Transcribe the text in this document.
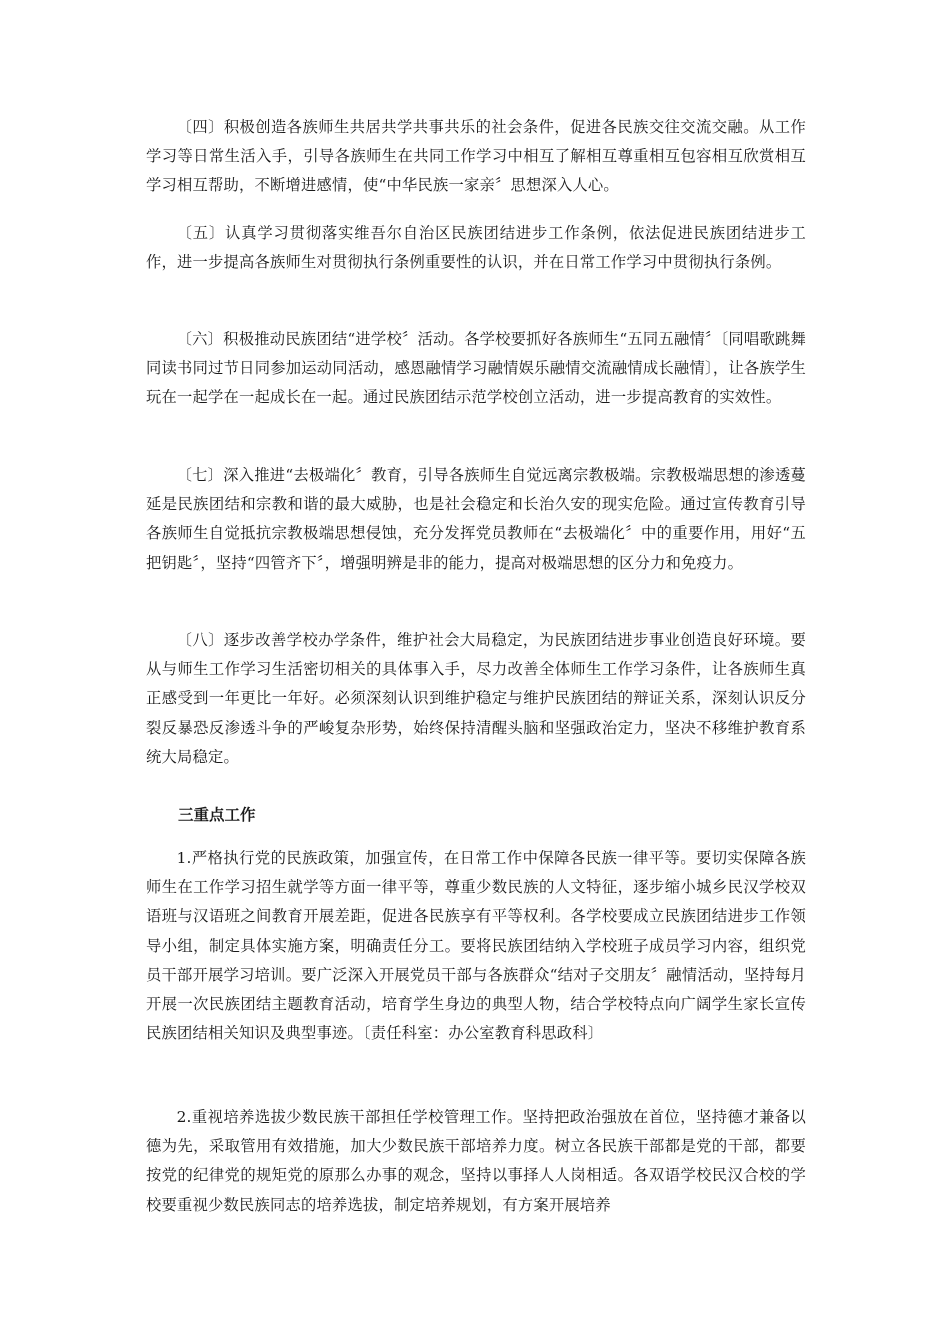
〔四〕积极创造各族师生共居共学共事共乐的社会条件，促进各民族交往交流交融。从工作学习等日常生活入手，引导各族师生在共同工作学习中相互了解相互尊重相互包容相互欣赏相互学习相互帮助，不断增进感情，使“中华民族一家亲〞思想深入人心。

〔五〕认真学习贯彻落实维吾尔自治区民族团结进步工作条例，依法促进民族团结进步工作，进一步提高各族师生对贯彻执行条例重要性的认识，并在日常工作学习中贯彻执行条例。

〔六〕积极推动民族团结“进学校〞活动。各学校要抓好各族师生“五同五融情〞〔同唱歌跳舞同读书同过节日同参加运动同活动，感恩融情学习融情娱乐融情交流融情成长融情〕，让各族学生玩在一起学在一起成长在一起。通过民族团结示范学校创立活动，进一步提高教育的实效性。

〔七〕深入推进“去极端化〞教育，引导各族师生自觉远离宗教极端。宗教极端思想的渗透蔓延是民族团结和宗教和谐的最大威胁，也是社会稳定和长治久安的现实危险。通过宣传教育引导各族师生自觉抵抗宗教极端思想侵蚀，充分发挥党员教师在“去极端化〞中的重要作用，用好“五把钥匙〞，坚持“四管齐下〞，增强明辨是非的能力，提高对极端思想的区分力和免疫力。

〔八〕逐步改善学校办学条件，维护社会大局稳定，为民族团结进步事业创造良好环境。要从与师生工作学习生活密切相关的具体事入手，尽力改善全体师生工作学习条件，让各族师生真正感受到一年更比一年好。必须深刻认识到维护稳定与维护民族团结的辩证关系，深刻认识反分裂反暴恐反渗透斗争的严峻复杂形势，始终保持清醒头脑和坚强政治定力，坚决不移维护教育系统大局稳定。

三重点工作

1.严格执行党的民族政策，加强宣传，在日常工作中保障各民族一律平等。要切实保障各族师生在工作学习招生就学等方面一律平等，尊重少数民族的人文特征，逐步缩小城乡民汉学校双语班与汉语班之间教育开展差距，促进各民族享有平等权利。各学校要成立民族团结进步工作领导小组，制定具体实施方案，明确责任分工。要将民族团结纳入学校班子成员学习内容，组织党员干部开展学习培训。要广泛深入开展党员干部与各族群众“结对子交朋友〞融情活动，坚持每月开展一次民族团结主题教育活动，培育学生身边的典型人物，结合学校特点向广阔学生家长宣传民族团结相关知识及典型事迹。〔责任科室：办公室教育科思政科〕

2.重视培养选拔少数民族干部担任学校管理工作。坚持把政治强放在首位，坚持德才兼备以德为先，采取管用有效措施，加大少数民族干部培养力度。树立各民族干部都是党的干部，都要按党的纪律党的规矩党的原那么办事的观念，坚持以事择人人岗相适。各双语学校民汉合校的学校要重视少数民族同志的培养选拔，制定培养规划，有方案开展培养
